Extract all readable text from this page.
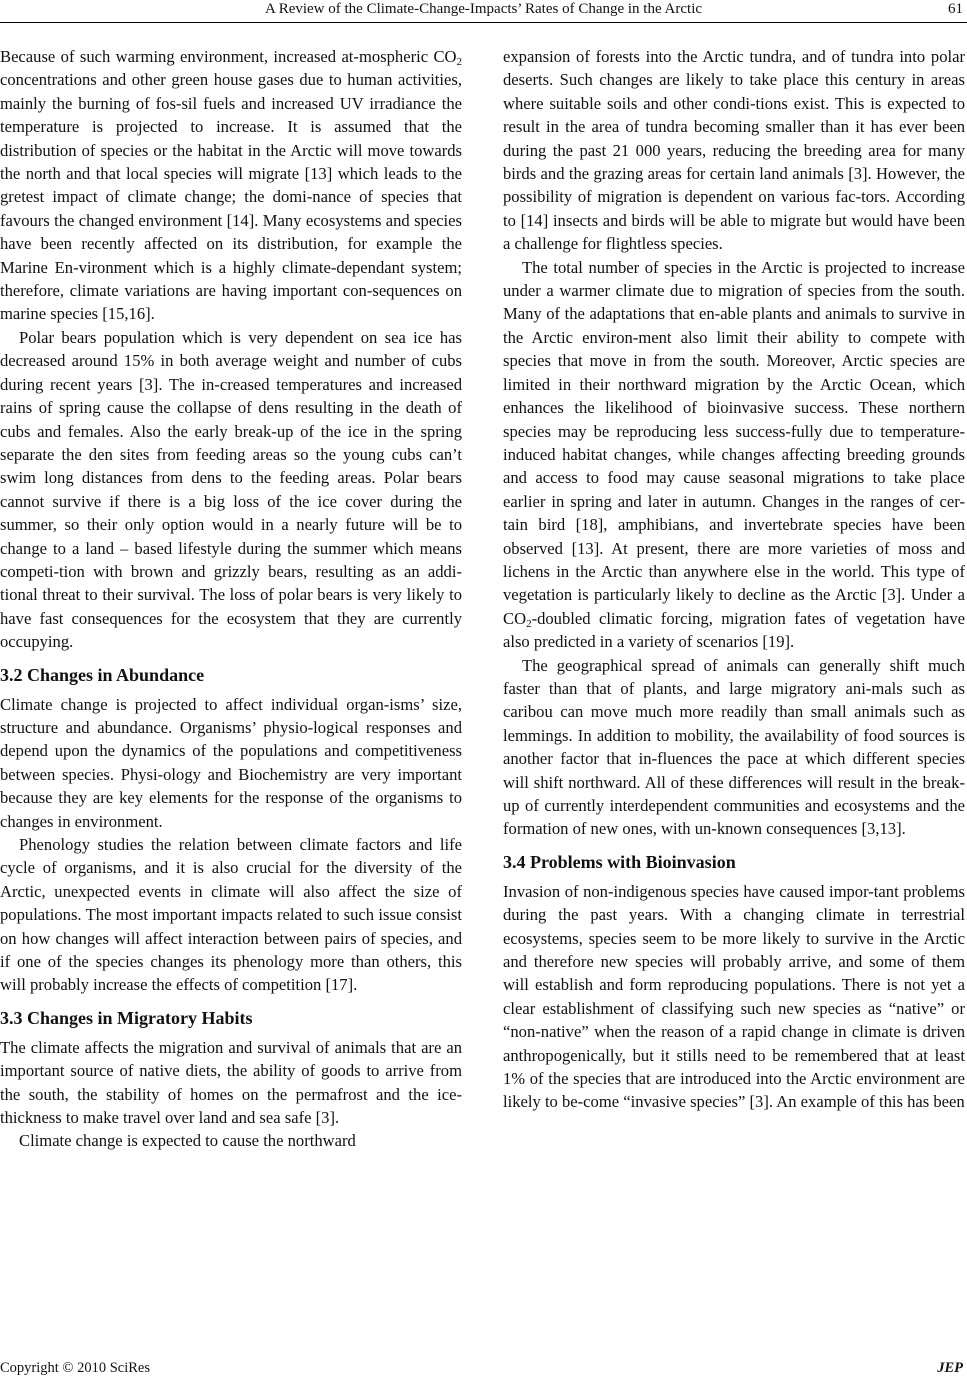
A Review of the Climate-Change-Impacts’ Rates of Change in the Arctic	61

Because of such warming environment, increased at-mospheric $CO_2$ concentrations and other green house gases due to human activities, mainly the burning of fos-sil fuels and increased UV irradiance the temperature is projected to increase. It is assumed that the distribution of species or the habitat in the Arctic will move towards the north and that local species will migrate [13] which leads to the gretest impact of climate change; the domi-nance of species that favours the changed environment [14]. Many ecosystems and species have been recently affected on its distribution, for example the Marine En-vironment which is a highly climate-dependant system; therefore, climate variations are having important con-sequences on marine species [15,16].

Polar bears population which is very dependent on sea ice has decreased around 15% in both average weight and number of cubs during recent years [3]. The in-creased temperatures and increased rains of spring cause the collapse of dens resulting in the death of cubs and females. Also the early break-up of the ice in the spring separate the den sites from feeding areas so the young cubs can’t swim long distances from dens to the feeding areas. Polar bears cannot survive if there is a big loss of the ice cover during the summer, so their only option would in a nearly future will be to change to a land – based lifestyle during the summer which means competi-tion with brown and grizzly bears, resulting as an addi-tional threat to their survival. The loss of polar bears is very likely to have fast consequences for the ecosystem that they are currently occupying.

3.2 Changes in Abundance

Climate change is projected to affect individual organ-isms’ size, structure and abundance. Organisms’ physio-logical responses and depend upon the dynamics of the populations and competitiveness between species. Physi-ology and Biochemistry are very important because they are key elements for the response of the organisms to changes in environment.

Phenology studies the relation between climate factors and life cycle of organisms, and it is also crucial for the diversity of the Arctic, unexpected events in climate will also affect the size of populations. The most important impacts related to such issue consist on how changes will affect interaction between pairs of species, and if one of the species changes its phenology more than others, this will probably increase the effects of competition [17].

3.3 Changes in Migratory Habits

The climate affects the migration and survival of animals that are an important source of native diets, the ability of goods to arrive from the south, the stability of homes on the permafrost and the ice-thickness to make travel over land and sea safe [3].

Climate change is expected to cause the northward

expansion of forests into the Arctic tundra, and of tundra into polar deserts. Such changes are likely to take place this century in areas where suitable soils and other condi-tions exist. This is expected to result in the area of tundra becoming smaller than it has ever been during the past 21 000 years, reducing the breeding area for many birds and the grazing areas for certain land animals [3]. However, the possibility of migration is dependent on various fac-tors. According to [14] insects and birds will be able to migrate but would have been a challenge for flightless species.

The total number of species in the Arctic is projected to increase under a warmer climate due to migration of species from the south. Many of the adaptations that en-able plants and animals to survive in the Arctic environ-ment also limit their ability to compete with species that move in from the south. Moreover, Arctic species are limited in their northward migration by the Arctic Ocean, which enhances the likelihood of bioinvasive success. These northern species may be reproducing less success-fully due to temperature-induced habitat changes, while changes affecting breeding grounds and access to food may cause seasonal migrations to take place earlier in spring and later in autumn. Changes in the ranges of cer-tain bird [18], amphibians, and invertebrate species have been observed [13]. At present, there are more varieties of moss and lichens in the Arctic than anywhere else in the world. This type of vegetation is particularly likely to decline as the Arctic [3]. Under a $CO_2$-doubled climatic forcing, migration fates of vegetation have also predicted in a variety of scenarios [19].

The geographical spread of animals can generally shift much faster than that of plants, and large migratory ani-mals such as caribou can move much more readily than small animals such as lemmings. In addition to mobility, the availability of food sources is another factor that in-fluences the pace at which different species will shift northward. All of these differences will result in the break-up of currently interdependent communities and ecosystems and the formation of new ones, with un-known consequences [3,13].

3.4 Problems with Bioinvasion

Invasion of non-indigenous species have caused impor-tant problems during the past years. With a changing climate in terrestrial ecosystems, species seem to be more likely to survive in the Arctic and therefore new species will probably arrive, and some of them will establish and form reproducing populations. There is not yet a clear establishment of classifying such new species as “native” or “non-native” when the reason of a rapid change in climate is driven anthropogenically, but it stills need to be remembered that at least 1% of the species that are introduced into the Arctic environment are likely to be-come “invasive species” [3]. An example of this has been

Copyright © 2010 SciRes	JEP
